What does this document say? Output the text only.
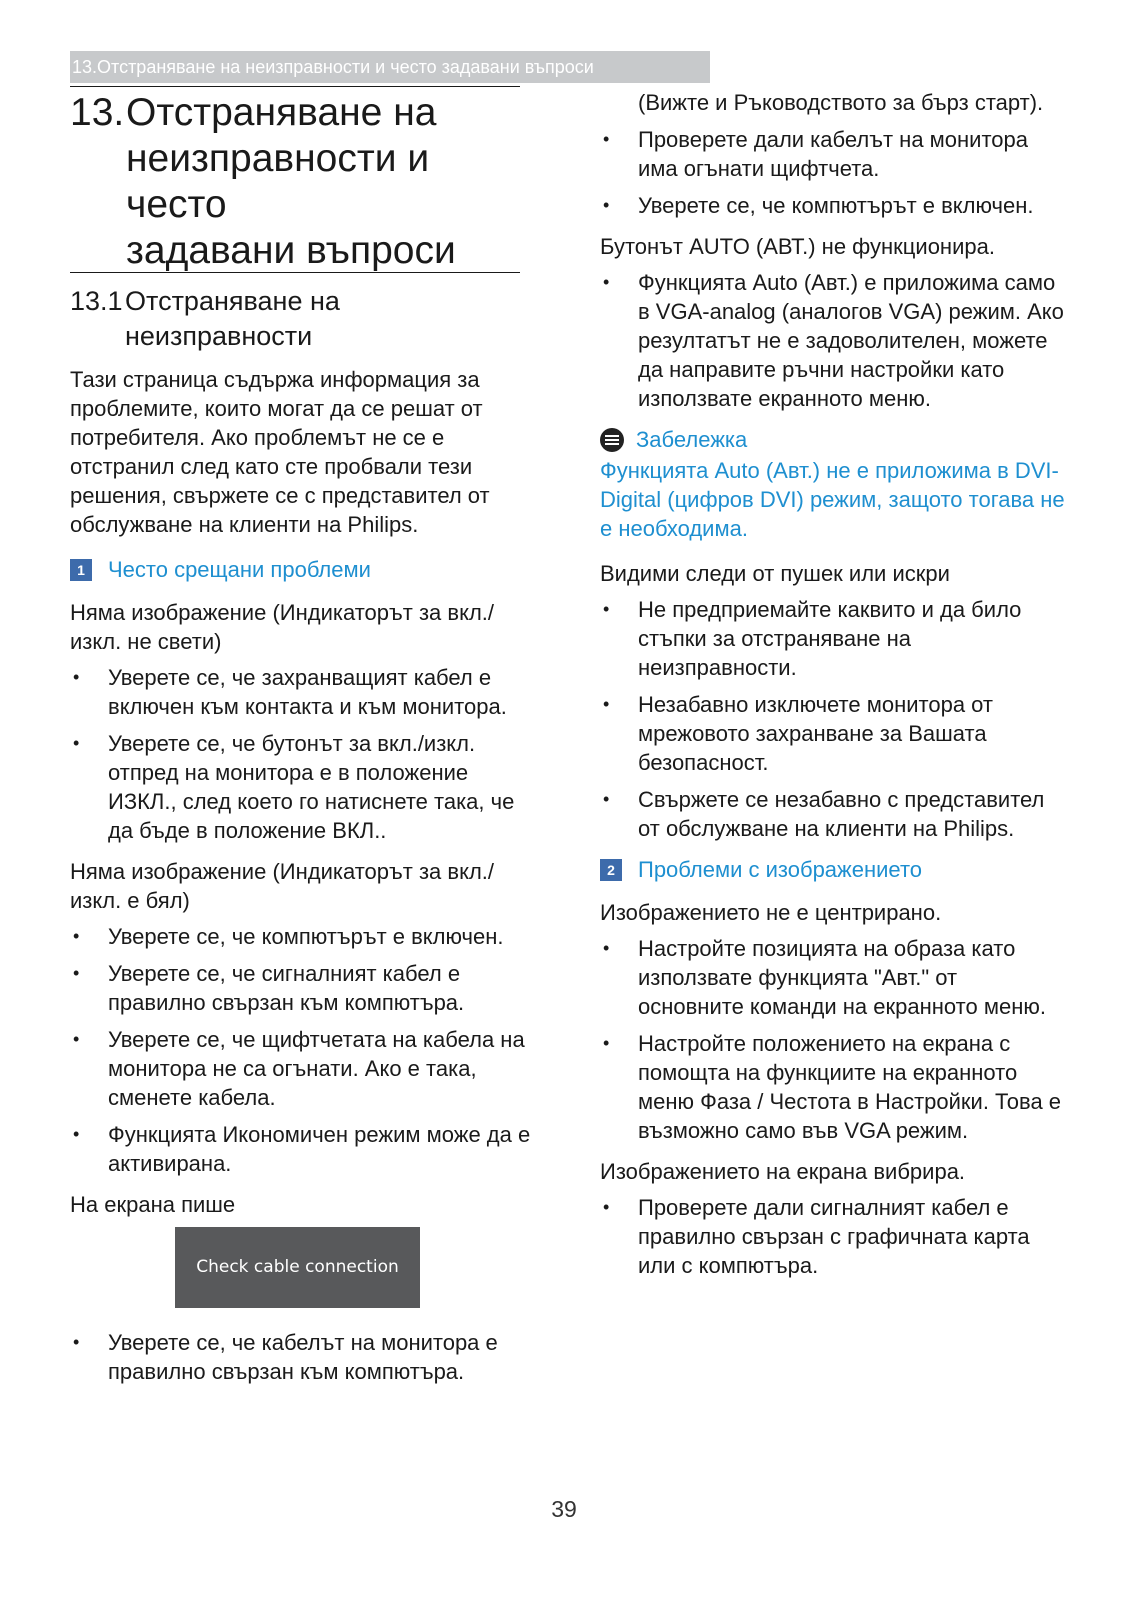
13.Отстраняване на неизправности и често задавани въпроси
13. Отстраняване на
неизправности и често
задавани въпроси
13.1 Отстраняване на
неизправности

Тази страница съдържа информация за проблемите, които могат да се решат от потребителя. Ако проблемът не се е отстранил след като сте пробвали тези решения, свържете се с представител от обслужване на клиенти на Philips.

1	Често срещани проблеми

Няма изображение (Индикаторът за вкл./изкл. не свети)

• Уверете се, че захранващият кабел е включен към контакта и към монитора.
• Уверете се, че бутонът за вкл./изкл. отпред на монитора е в положение ИЗКЛ., след което го натиснете така, че да бъде в положение ВКЛ..

Няма изображение (Индикаторът за вкл./изкл. е бял)

• Уверете се, че компютърът е включен.
• Уверете се, че сигналният кабел е правилно свързан към компютъра.
• Уверете се, че щифтчетата на кабела на монитора не са огънати. Ако е така, сменете кабела.
• Функцията Икономичен режим може да е активирана.

На екрана пише

Check cable connection
• Уверете се, че кабелът на монитора е правилно свързан към компютъра.

(Вижте и Ръководството за бърз старт).

• Проверете дали кабелът на монитора има огънати щифтчета.
• Уверете се, че компютърът е включен.

Бутонът AUTO (АВТ.) не функционира.

• Функцията Auto (Авт.) е приложима само в VGA-analog (аналогов VGA) режим. Ако резултатът не е задоволителен, можете да направите ръчни настройки като използвате екранното меню.
Забележка

Функцията Auto (Авт.) не е приложима в DVI-Digital (цифров DVI) режим, защото тогава не е необходима.

Видими следи от пушек или искри

• Не предприемайте каквито и да било стъпки за отстраняване на неизправности.
• Незабавно изключете монитора от мрежовото захранване за Вашата безопасност.
• Свържете се незабавно с представител от обслужване на клиенти на Philips.
2	Проблеми с изображението

Изображението не е центрирано.

• Настройте позицията на образа като използвате функцията "Авт." от основните команди на екранното меню.
• Настройте положението на екрана с помощта на функциите на екранното меню Фаза / Честота в Настройки. Това е възможно само във VGA режим.

Изображението на екрана вибрира.

• Проверете дали сигналният кабел е правилно свързан с графичната карта или с компютъра.
39
